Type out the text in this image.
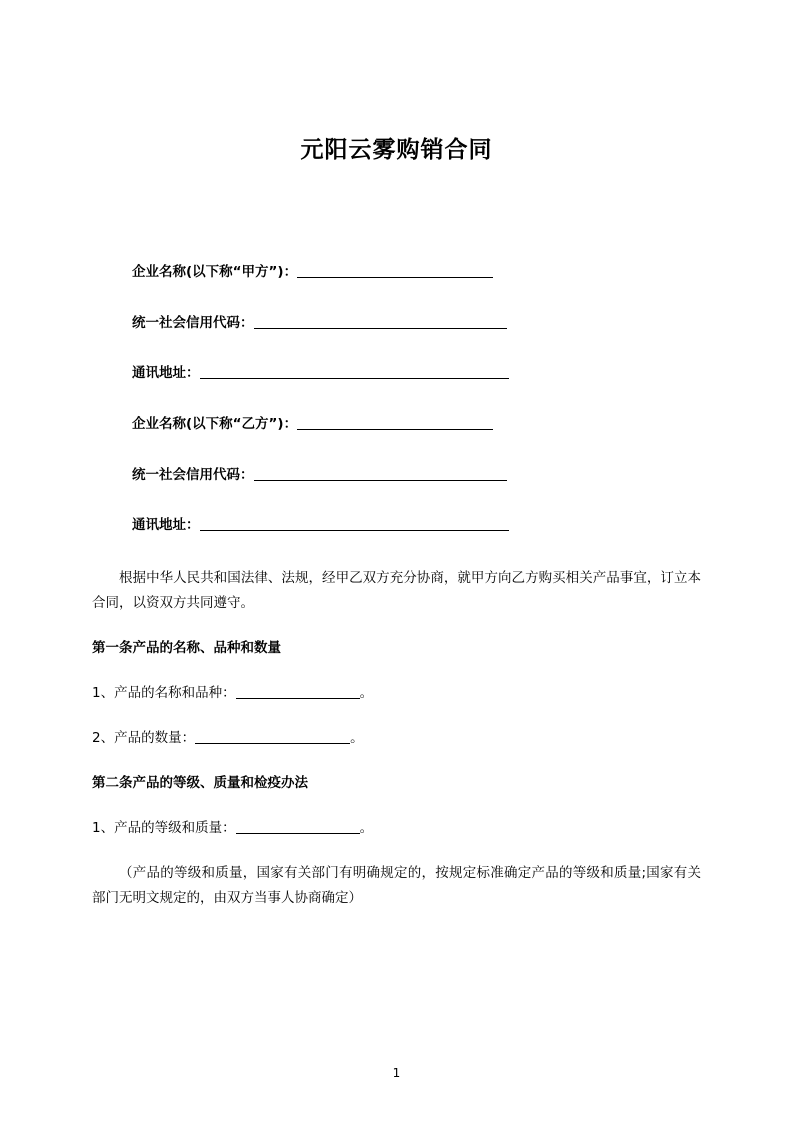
元阳云雾购销合同
企业名称(以下称“甲方”)：
统一社会信用代码：
通讯地址：
企业名称(以下称“乙方”)：
统一社会信用代码：
通讯地址：

根据中华人民共和国法律、法规，经甲乙双方充分协商，就甲方向乙方购买相关产品事宜，订立本合同，以资双方共同遵守。

第一条产品的名称、品种和数量
1、产品的名称和品种：	。
2、产品的数量：	。
第二条产品的等级、质量和检疫办法
1、产品的等级和质量：	。

（产品的等级和质量，国家有关部门有明确规定的，按规定标准确定产品的等级和质量;国家有关部门无明文规定的，由双方当事人协商确定）

1
